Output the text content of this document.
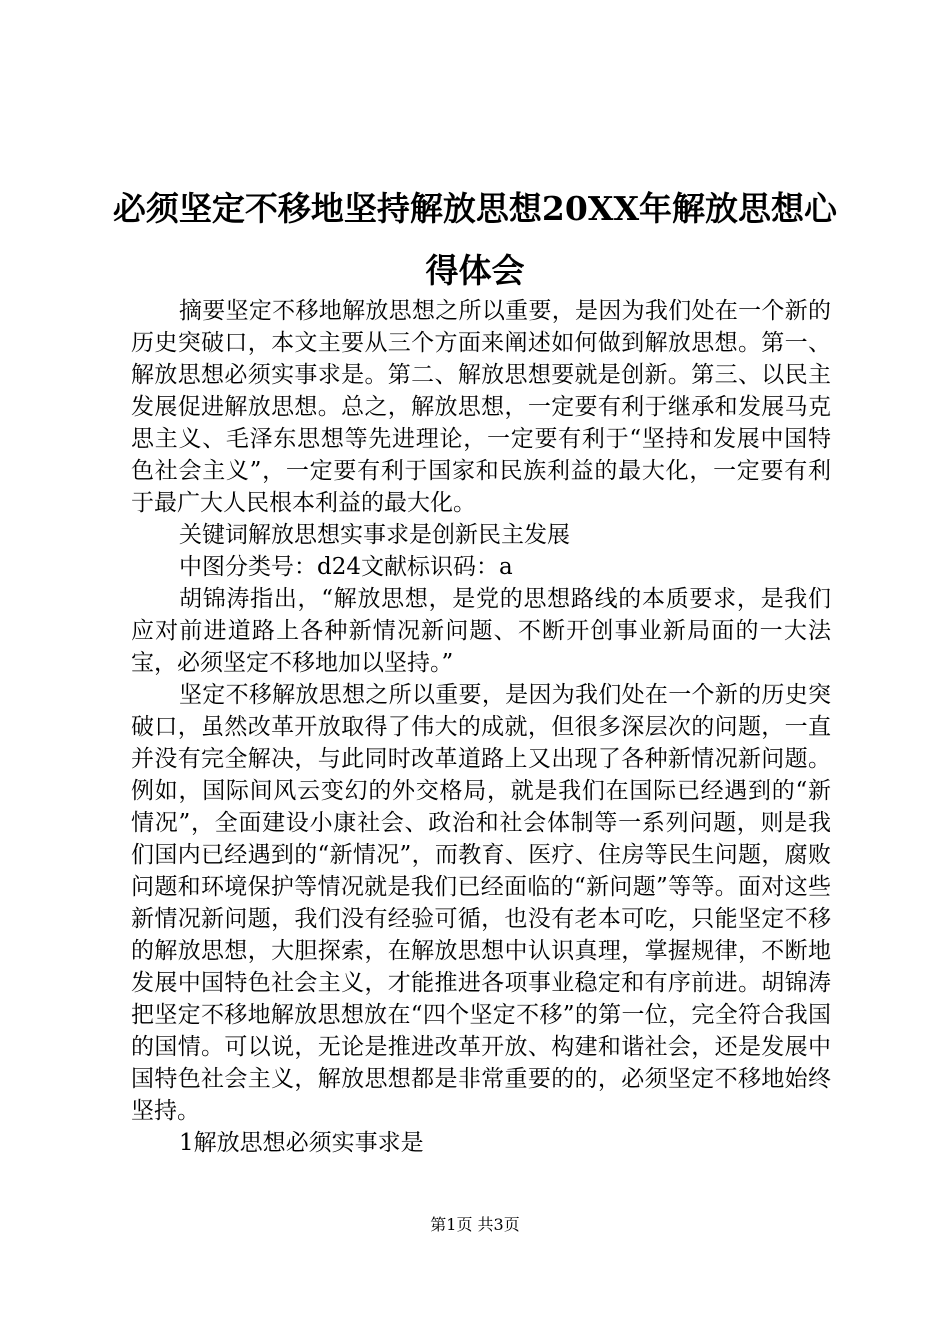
必须坚定不移地坚持解放思想20XX年解放思想心得体会

摘要坚定不移地解放思想之所以重要，是因为我们处在一个新的历史突破口，本文主要从三个方面来阐述如何做到解放思想。第一、解放思想必须实事求是。第二、解放思想要就是创新。第三、以民主发展促进解放思想。总之，解放思想，一定要有利于继承和发展马克思主义、毛泽东思想等先进理论，一定要有利于“坚持和发展中国特色社会主义”，一定要有利于国家和民族利益的最大化，一定要有利于最广大人民根本利益的最大化。

关键词解放思想实事求是创新民主发展

中图分类号：d24文献标识码：a

胡锦涛指出，“解放思想，是党的思想路线的本质要求，是我们应对前进道路上各种新情况新问题、不断开创事业新局面的一大法宝，必须坚定不移地加以坚持。”

坚定不移解放思想之所以重要，是因为我们处在一个新的历史突破口，虽然改革开放取得了伟大的成就，但很多深层次的问题，一直并没有完全解决，与此同时改革道路上又出现了各种新情况新问题。例如，国际间风云变幻的外交格局，就是我们在国际已经遇到的“新情况”，全面建设小康社会、政治和社会体制等一系列问题，则是我们国内已经遇到的“新情况”，而教育、医疗、住房等民生问题，腐败问题和环境保护等情况就是我们已经面临的“新问题”等等。面对这些新情况新问题，我们没有经验可循，也没有老本可吃，只能坚定不移的解放思想，大胆探索，在解放思想中认识真理，掌握规律，不断地发展中国特色社会主义，才能推进各项事业稳定和有序前进。胡锦涛把坚定不移地解放思想放在“四个坚定不移”的第一位，完全符合我国的国情。可以说，无论是推进改革开放、构建和谐社会，还是发展中国特色社会主义，解放思想都是非常重要的的，必须坚定不移地始终坚持。

1解放思想必须实事求是

第1页 共3页
